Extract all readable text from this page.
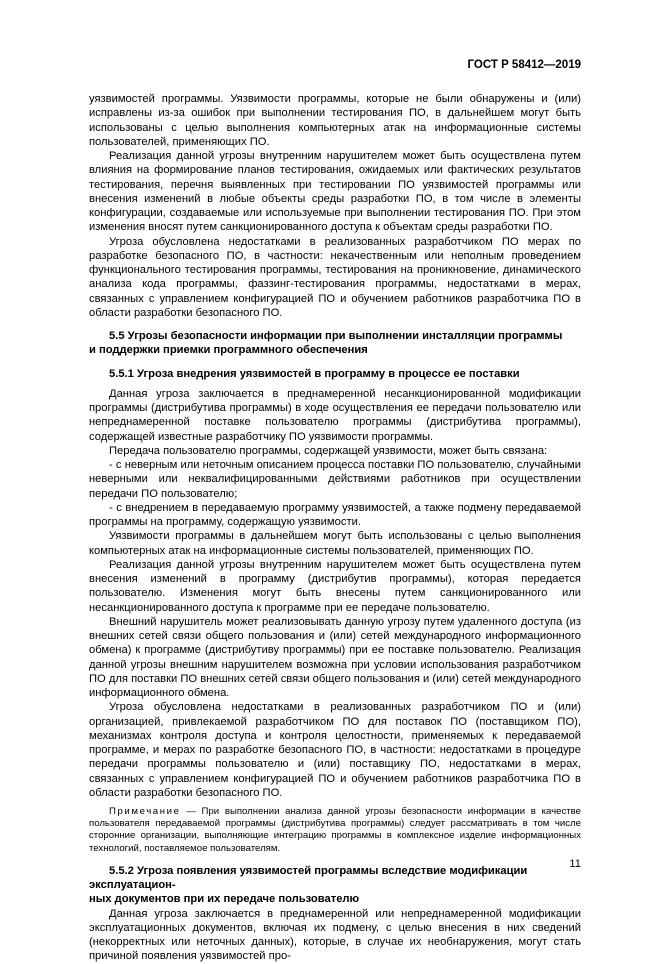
ГОСТ Р 58412—2019

уязвимостей программы. Уязвимости программы, которые не были обнаружены и (или) исправлены из-за ошибок при выполнении тестирования ПО, в дальнейшем могут быть использованы с целью выполнения компьютерных атак на информационные системы пользователей, применяющих ПО.

Реализация данной угрозы внутренним нарушителем может быть осуществлена путем влияния на формирование планов тестирования, ожидаемых или фактических результатов тестирования, перечня выявленных при тестировании ПО уязвимостей программы или внесения изменений в любые объекты среды разработки ПО, в том числе в элементы конфигурации, создаваемые или используемые при выполнении тестирования ПО. При этом изменения вносят путем санкционированного доступа к объектам среды разработки ПО.

Угроза обусловлена недостатками в реализованных разработчиком ПО мерах по разработке безопасного ПО, в частности: некачественным или неполным проведением функционального тестирования программы, тестирования на проникновение, динамического анализа кода программы, фаззинг-тестирования программы, недостатками в мерах, связанных с управлением конфигурацией ПО и обучением работников разработчика ПО в области разработки безопасного ПО.

5.5 Угрозы безопасности информации при выполнении инсталляции программы
и поддержки приемки программного обеспечения
5.5.1 Угроза внедрения уязвимостей в программу в процессе ее поставки

Данная угроза заключается в преднамеренной несанкционированной модификации программы (дистрибутива программы) в ходе осуществления ее передачи пользователю или непреднамеренной поставке пользователю программы (дистрибутива программы), содержащей известные разработчику ПО уязвимости программы.

Передача пользователю программы, содержащей уязвимости, может быть связана:

- с неверным или неточным описанием процесса поставки ПО пользователю, случайными неверными или неквалифицированными действиями работников при осуществлении передачи ПО пользователю;

- с внедрением в передаваемую программу уязвимостей, а также подмену передаваемой программы на программу, содержащую уязвимости.

Уязвимости программы в дальнейшем могут быть использованы с целью выполнения компьютерных атак на информационные системы пользователей, применяющих ПО.

Реализация данной угрозы внутренним нарушителем может быть осуществлена путем внесения изменений в программу (дистрибутив программы), которая передается пользователю. Изменения могут быть внесены путем санкционированного или несанкционированного доступа к программе при ее передаче пользователю.

Внешний нарушитель может реализовывать данную угрозу путем удаленного доступа (из внешних сетей связи общего пользования и (или) сетей международного информационного обмена) к программе (дистрибутиву программы) при ее поставке пользователю. Реализация данной угрозы внешним нарушителем возможна при условии использования разработчиком ПО для поставки ПО внешних сетей связи общего пользования и (или) сетей международного информационного обмена.

Угроза обусловлена недостатками в реализованных разработчиком ПО и (или) организацией, привлекаемой разработчиком ПО для поставок ПО (поставщиком ПО), механизмах контроля доступа и контроля целостности, применяемых к передаваемой программе, и мерах по разработке безопасного ПО, в частности: недостатками в процедуре передачи программы пользователю и (или) поставщику ПО, недостатками в мерах, связанных с управлением конфигурацией ПО и обучением работников разработчика ПО в области разработки безопасного ПО.

Примечание — При выполнении анализа данной угрозы безопасности информации в качестве пользователя передаваемой программы (дистрибутива программы) следует рассматривать в том числе сторонние организации, выполняющие интеграцию программы в комплексное изделие информационных технологий, поставляемое пользователям.

5.5.2 Угроза появления уязвимостей программы вследствие модификации эксплуатацион-
ных документов при их передаче пользователю

Данная угроза заключается в преднамеренной или непреднамеренной модификации эксплуатационных документов, включая их подмену, с целью внесения в них сведений (некорректных или неточных данных), которые, в случае их необнаружения, могут стать причиной появления уязвимостей про-

11
